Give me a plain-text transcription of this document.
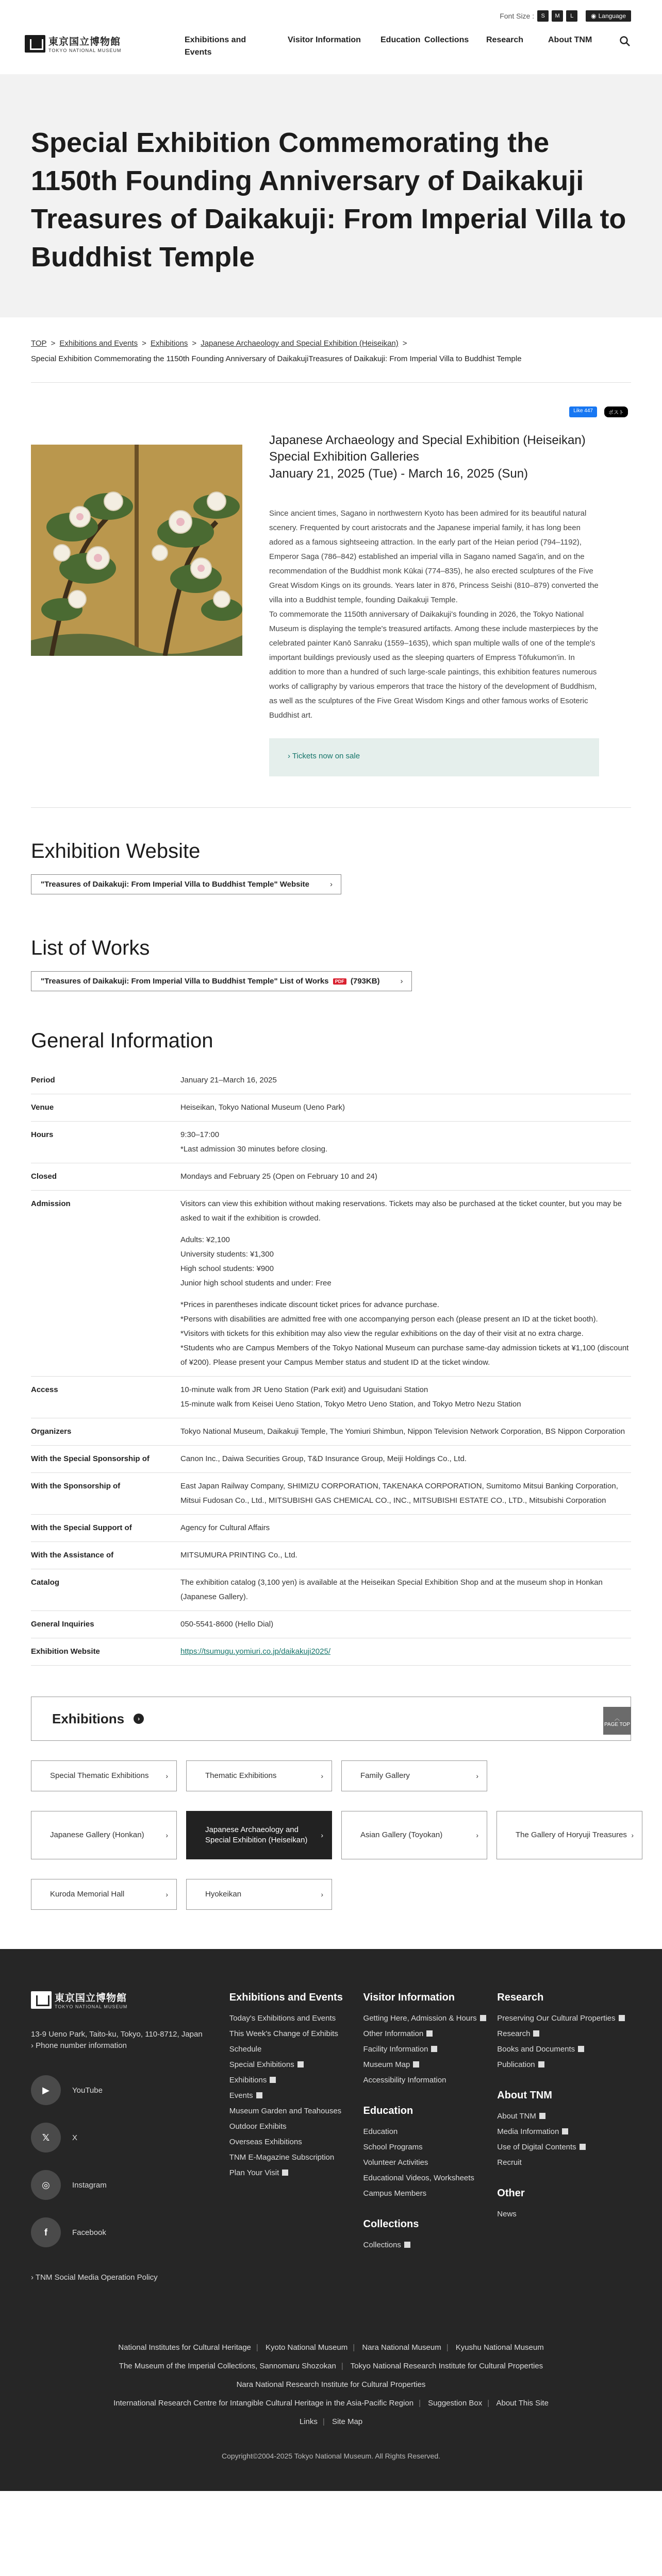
Font Size :	S	M	L	◉ Language
東京国立博物館
TOKYO NATIONAL MUSEUM
Exhibitions and Events
Visitor Information	Education Collections	Research	About TNM
Special Exhibition Commemorating the 1150th Founding Anniversary of Daikakuji Treasures of Daikakuji: From Imperial Villa to Buddhist Temple
TOP > Exhibitions and Events > Exhibitions > Japanese Archaeology and Special Exhibition (Heiseikan) >
Special Exhibition Commemorating the 1150th Founding Anniversary of DaikakujiTreasures of Daikakuji: From Imperial Villa to Buddhist Temple
Like 447	ポスト
Japanese Archaeology and Special Exhibition (Heiseikan) Special Exhibition Galleries
January 21, 2025 (Tue) - March 16, 2025 (Sun)

Since ancient times, Sagano in northwestern Kyoto has been admired for its beautiful natural scenery. Frequented by court aristocrats and the Japanese imperial family, it has long been adored as a famous sightseeing attraction. In the early part of the Heian period (794–1192), Emperor Saga (786–842) established an imperial villa in Sagano named Saga'in, and on the recommendation of the Buddhist monk Kūkai (774–835), he also erected sculptures of the Five Great Wisdom Kings on its grounds. Years later in 876, Princess Seishi (810–879) converted the villa into a Buddhist temple, founding Daikakuji Temple.

To commemorate the 1150th anniversary of Daikakuji's founding in 2026, the Tokyo National Museum is displaying the temple's treasured artifacts. Among these include masterpieces by the celebrated painter Kanō Sanraku (1559–1635), which span multiple walls of one of the temple's important buildings previously used as the sleeping quarters of Empress Tōfukumon'in. In addition to more than a hundred of such large-scale paintings, this exhibition features numerous works of calligraphy by various emperors that trace the history of the development of Buddhism, as well as the sculptures of the Five Great Wisdom Kings and other famous works of Esoteric Buddhist art.

› Tickets now on sale
Exhibition Website
"Treasures of Daikakuji: From Imperial Villa to Buddhist Temple" Website	›
List of Works
"Treasures of Daikakuji: From Imperial Villa to Buddhist Temple" List of Works PDF (793KB)	›
General Information
Period	January 21–March 16, 2025
Venue	Heiseikan, Tokyo National Museum (Ueno Park)
Hours	9:30–17:00

*Last admission 30 minutes before closing.

Closed	Mondays and February 25 (Open on February 10 and 24)
Admission	Visitors can view this exhibition without making reservations. Tickets may also be purchased at the ticket counter, but you may be asked to wait if the exhibition is crowded.

Adults: ¥2,100

University students: ¥1,300

High school students: ¥900

Junior high school students and under: Free

*Prices in parentheses indicate discount ticket prices for advance purchase.

*Persons with disabilities are admitted free with one accompanying person each (please present an ID at the ticket booth).

*Visitors with tickets for this exhibition may also view the regular exhibitions on the day of their visit at no extra charge.

*Students who are Campus Members of the Tokyo National Museum can purchase same-day admission tickets at ¥1,100 (discount of ¥200). Please present your Campus Member status and student ID at the ticket window.

Access	10-minute walk from JR Ueno Station (Park exit) and Uguisudani Station

15-minute walk from Keisei Ueno Station, Tokyo Metro Ueno Station, and Tokyo Metro Nezu Station

Organizers	Tokyo National Museum, Daikakuji Temple, The Yomiuri Shimbun, Nippon Television Network Corporation, BS Nippon Corporation
With the Special Sponsorship of	Canon Inc., Daiwa Securities Group, T&D Insurance Group, Meiji Holdings Co., Ltd.
With the Sponsorship of	East Japan Railway Company, SHIMIZU CORPORATION, TAKENAKA CORPORATION, Sumitomo Mitsui Banking Corporation, Mitsui Fudosan Co., Ltd., MITSUBISHI GAS CHEMICAL CO., INC., MITSUBISHI ESTATE CO., LTD., Mitsubishi Corporation
With the Special Support of	Agency for Cultural Affairs
With the Assistance of	MITSUMURA PRINTING Co., Ltd.
Catalog	The exhibition catalog (3,100 yen) is available at the Heiseikan Special Exhibition Shop and at the museum shop in Honkan (Japanese Gallery).
General Inquiries	050-5541-8600 (Hello Dial)
Exhibition Website	https://tsumugu.yomiuri.co.jp/daikakuji2025/
Exhibitions	›	︿
PAGE TOP
Special Thematic Exhibitions ›	Thematic Exhibitions	›	Family Gallery	›
Japanese Gallery (Honkan)	›
Japanese Archaeology and Special Exhibition (Heiseikan)
›	Asian Gallery (Toyokan)	›	The Gallery of Horyuji Treasures ›
Kuroda Memorial Hall	›	Hyokeikan	›
東京国立博物館
TOKYO NATIONAL MUSEUM
13-9 Ueno Park, Taito-ku, Tokyo, 110-8712, Japan
› Phone number information
▶	YouTube
𝕏	X
◎	Instagram
f	Facebook
› TNM Social Media Operation Policy
Exhibitions and Events
Today's Exhibitions and Events
This Week's Change of Exhibits
Schedule
Special Exhibitions
Exhibitions
Events
Museum Garden and Teahouses
Outdoor Exhibits
Overseas Exhibitions
TNM E-Magazine Subscription
Plan Your Visit
Visitor Information
Getting Here, Admission & Hours
Other Information
Facility Information
Museum Map
Accessibility Information
Education
Education
School Programs
Volunteer Activities
Educational Videos, Worksheets
Campus Members
Collections
Collections
Research
Preserving Our Cultural Properties
Research
Books and Documents
Publication
About TNM
About TNM
Media Information
Use of Digital Contents
Recruit
Other
News
National Institutes for Cultural Heritage | Kyoto National Museum | Nara National Museum | Kyushu National Museum
The Museum of the Imperial Collections, Sannomaru Shozokan | Tokyo National Research Institute for Cultural Properties
Nara National Research Institute for Cultural Properties
International Research Centre for Intangible Cultural Heritage in the Asia-Pacific Region | Suggestion Box | About This Site
Links | Site Map
Copyright©2004-2025 Tokyo National Museum. All Rights Reserved.
